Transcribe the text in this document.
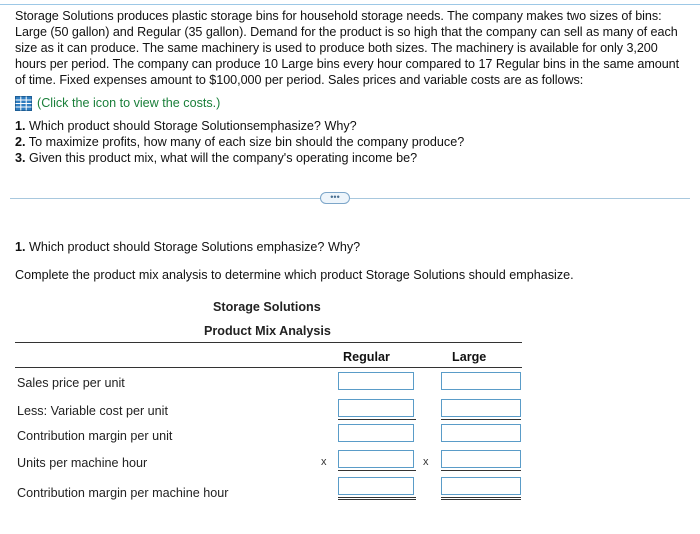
Storage Solutions produces plastic storage bins for household storage needs. The company makes two sizes of bins: Large (50 gallon) and Regular (35 gallon). Demand for the product is so high that the company can sell as many of each size as it can produce. The same machinery is used to produce both sizes. The machinery is available for only 3,200 hours per period. The company can produce 10 Large bins every hour compared to 17 Regular bins in the same amount of time. Fixed expenses amount to $100,000 per period. Sales prices and variable costs are as follows:
(Click the icon to view the costs.)
1. Which product should Storage Solutionsemphasize? Why?
2. To maximize profits, how many of each size bin should the company produce?
3. Given this product mix, what will the company's operating income be?
•••
1. Which product should Storage Solutions emphasize? Why?
Complete the product mix analysis to determine which product Storage Solutions should emphasize.
Storage Solutions
Product Mix Analysis
Regular	Large
Sales price per unit
Less: Variable cost per unit
Contribution margin per unit
Units per machine hour
Contribution margin per machine hour
x	x
